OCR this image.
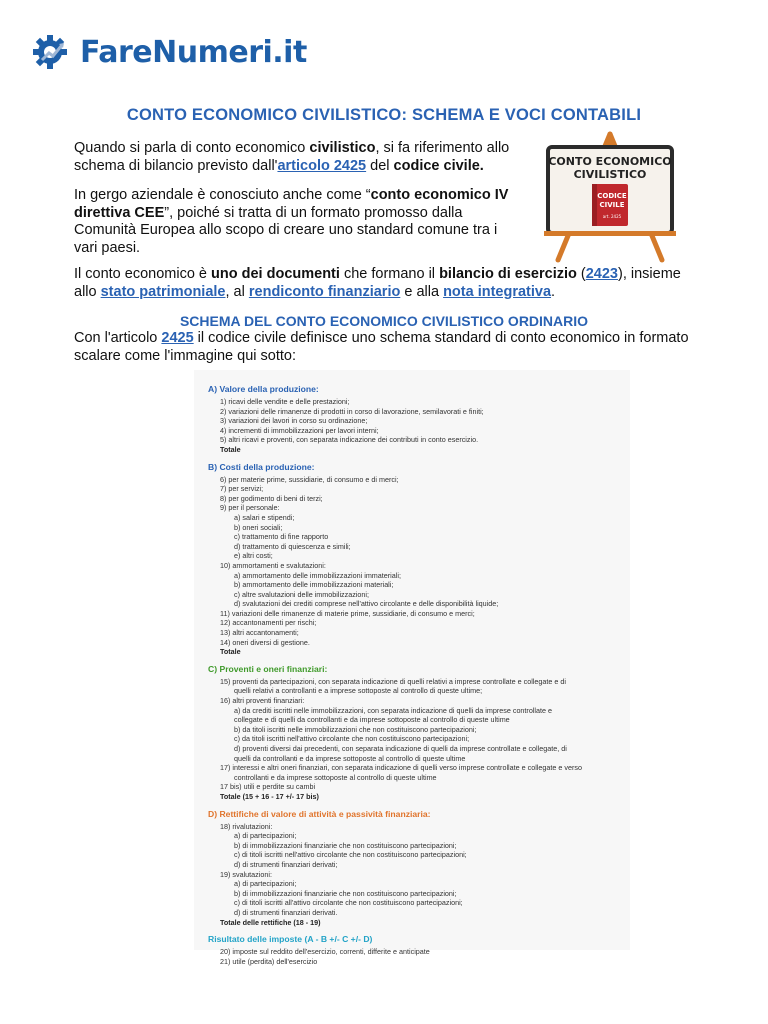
FareNumeri.it
CONTO ECONOMICO CIVILISTICO: SCHEMA E VOCI CONTABILI
Quando si parla di conto economico civilistico, si fa riferimento allo schema di bilancio previsto dall'articolo 2425 del codice civile.
In gergo aziendale è conosciuto anche come “conto economico IV direttiva CEE”, poiché si tratta di un formato promosso dalla Comunità Europea allo scopo di creare uno standard comune tra i vari paesi.
CONTO ECONOMICO
CIVILISTICO
CODICE
CIVILE
art. 2425
Il conto economico è uno dei documenti che formano il bilancio di esercizio (2423), insieme allo stato patrimoniale, al rendiconto finanziario e alla nota integrativa.
SCHEMA DEL CONTO ECONOMICO CIVILISTICO ORDINARIO
Con l'articolo 2425 il codice civile definisce uno schema standard di conto economico in formato scalare come l'immagine qui sotto:
A) Valore della produzione:
1) ricavi delle vendite e delle prestazioni;
2) variazioni delle rimanenze di prodotti in corso di lavorazione, semilavorati e finiti;
3) variazioni dei lavori in corso su ordinazione;
4) incrementi di immobilizzazioni per lavori interni;
5) altri ricavi e proventi, con separata indicazione dei contributi in conto esercizio.
Totale
B) Costi della produzione:
6) per materie prime, sussidiarie, di consumo e di merci;
7) per servizi;
8) per godimento di beni di terzi;
9) per il personale:
a) salari e stipendi;
b) oneri sociali;
c) trattamento di fine rapporto
d) trattamento di quiescenza e simili;
e) altri costi;
10) ammortamenti e svalutazioni:
a) ammortamento delle immobilizzazioni immateriali;
b) ammortamento delle immobilizzazioni materiali;
c) altre svalutazioni delle immobilizzazioni;
d) svalutazioni dei crediti comprese nell'attivo circolante e delle disponibilità liquide;
11) variazioni delle rimanenze di materie prime, sussidiarie, di consumo e merci;
12) accantonamenti per rischi;
13) altri accantonamenti;
14) oneri diversi di gestione.
Totale
C) Proventi e oneri finanziari:
15) proventi da partecipazioni, con separata indicazione di quelli relativi a imprese controllate e collegate e di
quelli relativi a controllanti e a imprese sottoposte al controllo di queste ultime;
16) altri proventi finanziari:
a) da crediti iscritti nelle immobilizzazioni, con separata indicazione di quelli da imprese controllate e
collegate e di quelli da controllanti e da imprese sottoposte al controllo di queste ultime
b) da titoli iscritti nelle immobilizzazioni che non costituiscono partecipazioni;
c) da titoli iscritti nell'attivo circolante che non costituiscono partecipazioni;
d) proventi diversi dai precedenti, con separata indicazione di quelli da imprese controllate e collegate, di
quelli da controllanti e da imprese sottoposte al controllo di queste ultime
17) interessi e altri oneri finanziari, con separata indicazione di quelli verso imprese controllate e collegate e verso
controllanti e da imprese sottoposte al controllo di queste ultime
17 bis) utili e perdite su cambi
Totale (15 + 16 - 17 +/- 17 bis)
D) Rettifiche di valore di attività e passività finanziaria:
18) rivalutazioni:
a) di partecipazioni;
b) di immobilizzazioni finanziarie che non costituiscono partecipazioni;
c) di titoli iscritti nell'attivo circolante che non costituiscono partecipazioni;
d) di strumenti finanziari derivati;
19) svalutazioni:
a) di partecipazioni;
b) di immobilizzazioni finanziarie che non costituiscono partecipazioni;
c) di titoli iscritti all'attivo circolante che non costituiscono partecipazioni;
d) di strumenti finanziari derivati.
Totale delle rettifiche (18 - 19)
Risultato delle imposte (A - B +/- C +/- D)
20) imposte sul reddito dell'esercizio, correnti, differite e anticipate
21) utile (perdita) dell'esercizio
